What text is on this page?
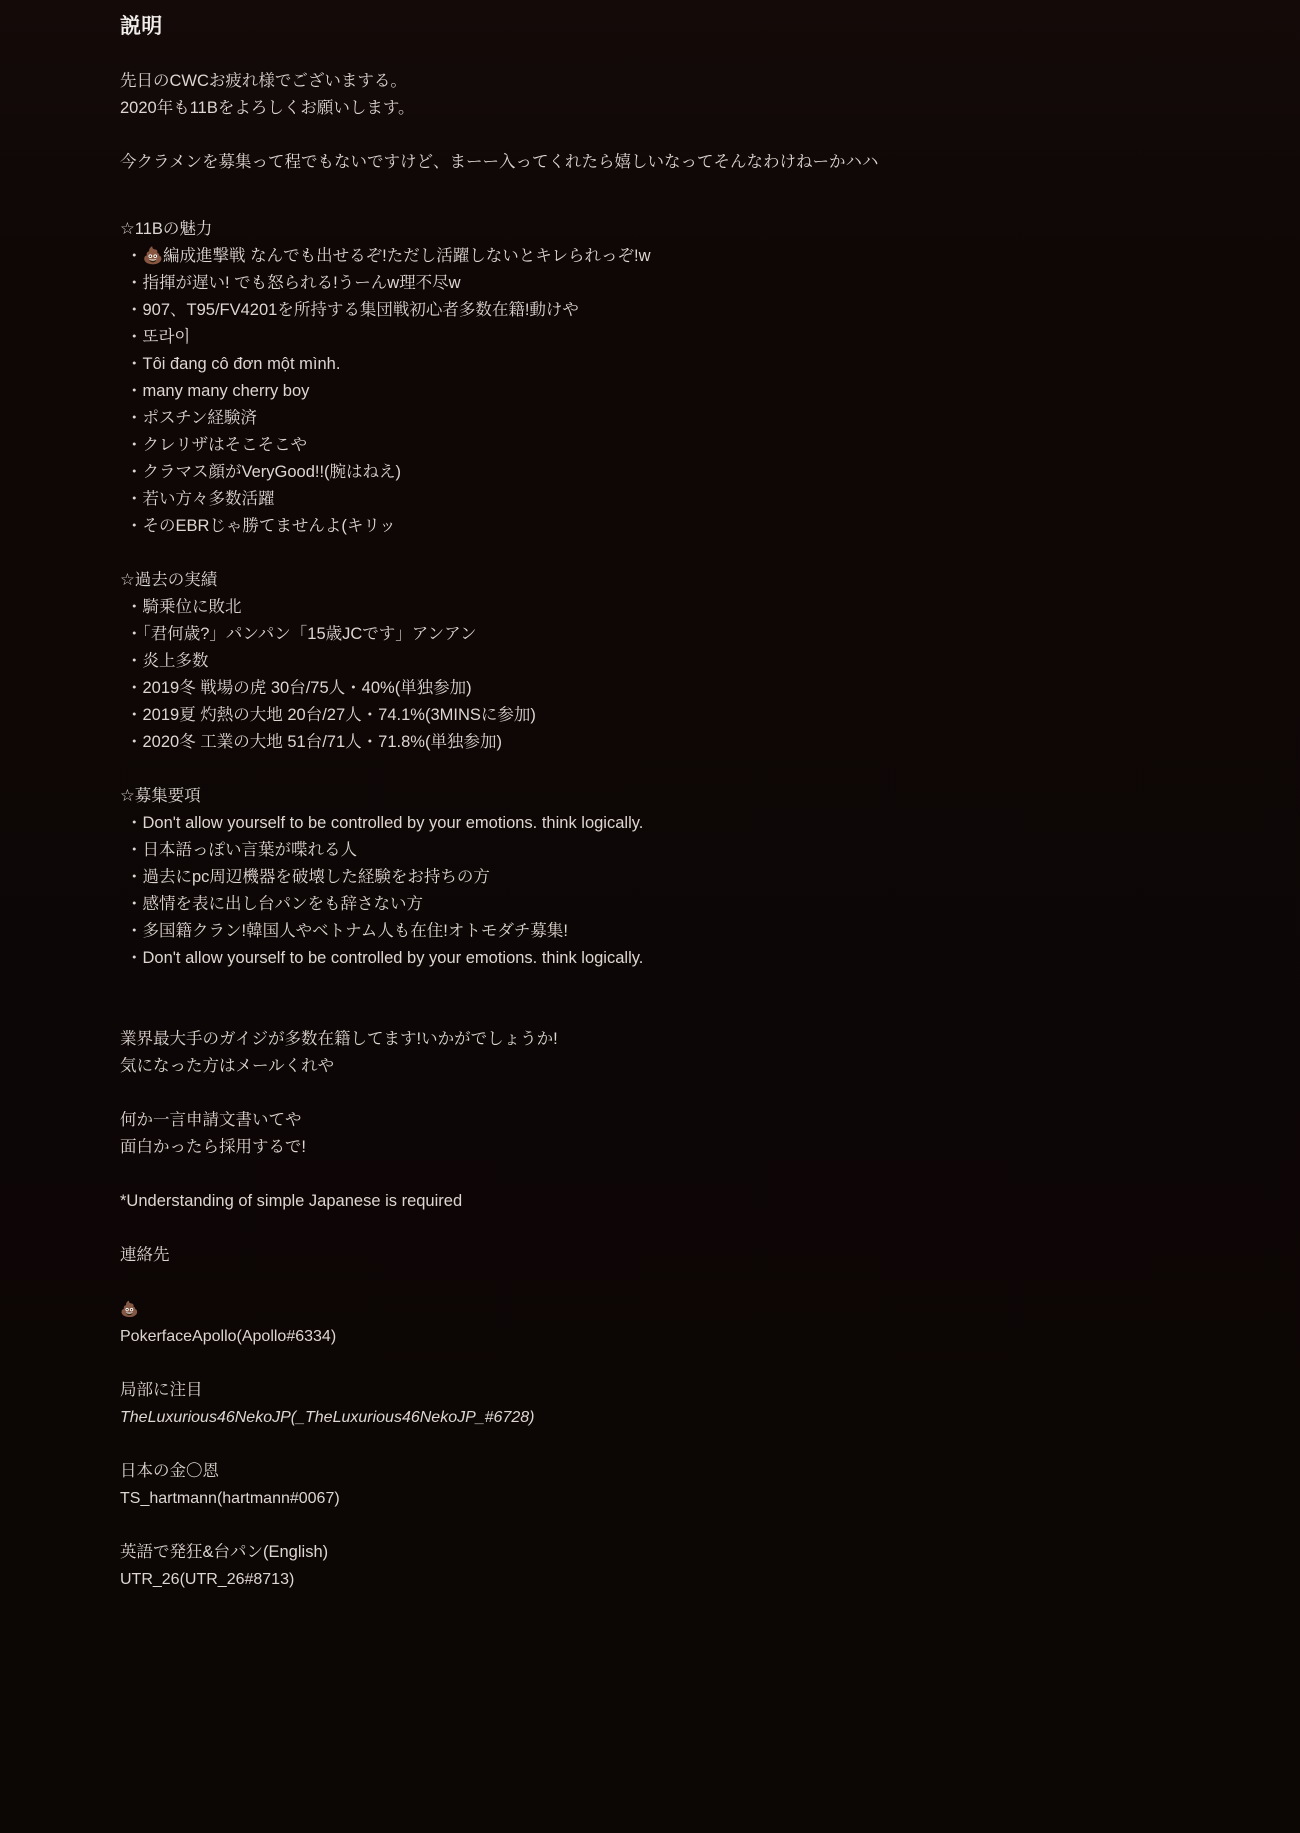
説明

先日のCWCお疲れ様でございまする。

2020年も11Bをよろしくお願いします。

今クラメンを募集って程でもないですけど、まーー入ってくれたら嬉しいなってそんなわけねーかハハ

☆11Bの魅力

・💩編成進撃戦 なんでも出せるぞ!ただし活躍しないとキレられっぞ!w

・指揮が遅い! でも怒られる!うーんw理不尽w

・907、T95/FV4201を所持する集団戦初心者多数在籍!動けや

・또라이

・Tôi đang cô đơn một mình.

・many many cherry boy

・ポスチン経験済

・クレリザはそこそこや

・クラマス顔がVeryGood!!(腕はねえ)

・若い方々多数活躍

・そのEBRじゃ勝てませんよ(キリッ

☆過去の実績

・騎乗位に敗北

・「君何歳?」パンパン「15歳JCです」アンアン

・炎上多数

・2019冬 戦場の虎 30台/75人・40%(単独参加)

・2019夏 灼熱の大地 20台/27人・74.1%(3MINSに参加)

・2020冬 工業の大地 51台/71人・71.8%(単独参加)

☆募集要項

・Don't allow yourself to be controlled by your emotions. think logically.

・日本語っぽい言葉が喋れる人

・過去にpc周辺機器を破壊した経験をお持ちの方

・感情を表に出し台パンをも辞さない方

・多国籍クラン!韓国人やベトナム人も在住!オトモダチ募集!

・Don't allow yourself to be controlled by your emotions. think logically.

業界最大手のガイジが多数在籍してます!いかがでしょうか!

気になった方はメールくれや

何か一言申請文書いてや

面白かったら採用するで!

*Understanding of simple Japanese is required

連絡先

💩

PokerfaceApollo(Apollo#6334)

局部に注目

TheLuxurious46NekoJP(_TheLuxurious46NekoJP_#6728)

日本の金〇恩

TS_hartmann(hartmann#0067)

英語で発狂&台パン(English)

UTR_26(UTR_26#8713)
